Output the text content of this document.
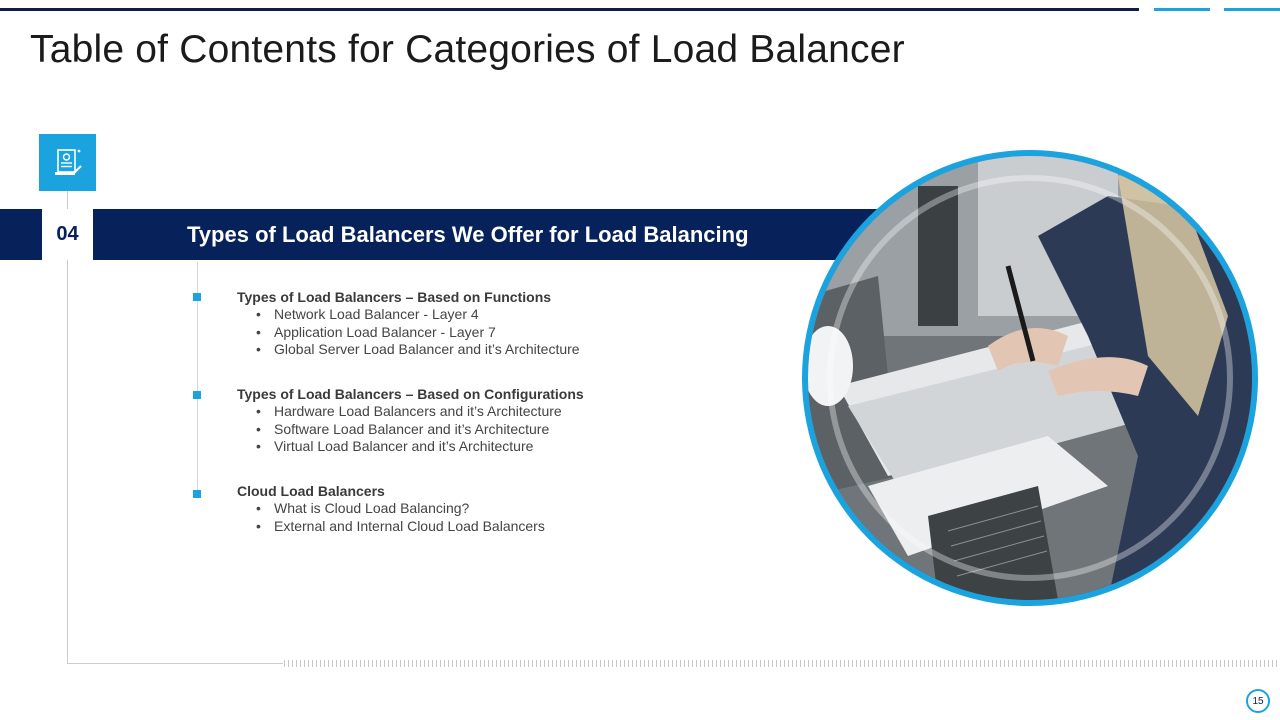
Table of Contents for Categories of Load Balancer
04	Types of Load Balancers We Offer for Load Balancing
Types of Load Balancers – Based on Functions
• Network Load Balancer - Layer 4
• Application Load Balancer - Layer 7
• Global Server Load Balancer and it’s Architecture
Types of Load Balancers – Based on Configurations
• Hardware Load Balancers and it’s Architecture
• Software Load Balancer and it’s Architecture
• Virtual Load Balancer and it’s Architecture
Cloud Load Balancers
• What is Cloud Load Balancing?
• External and Internal Cloud Load Balancers
15
